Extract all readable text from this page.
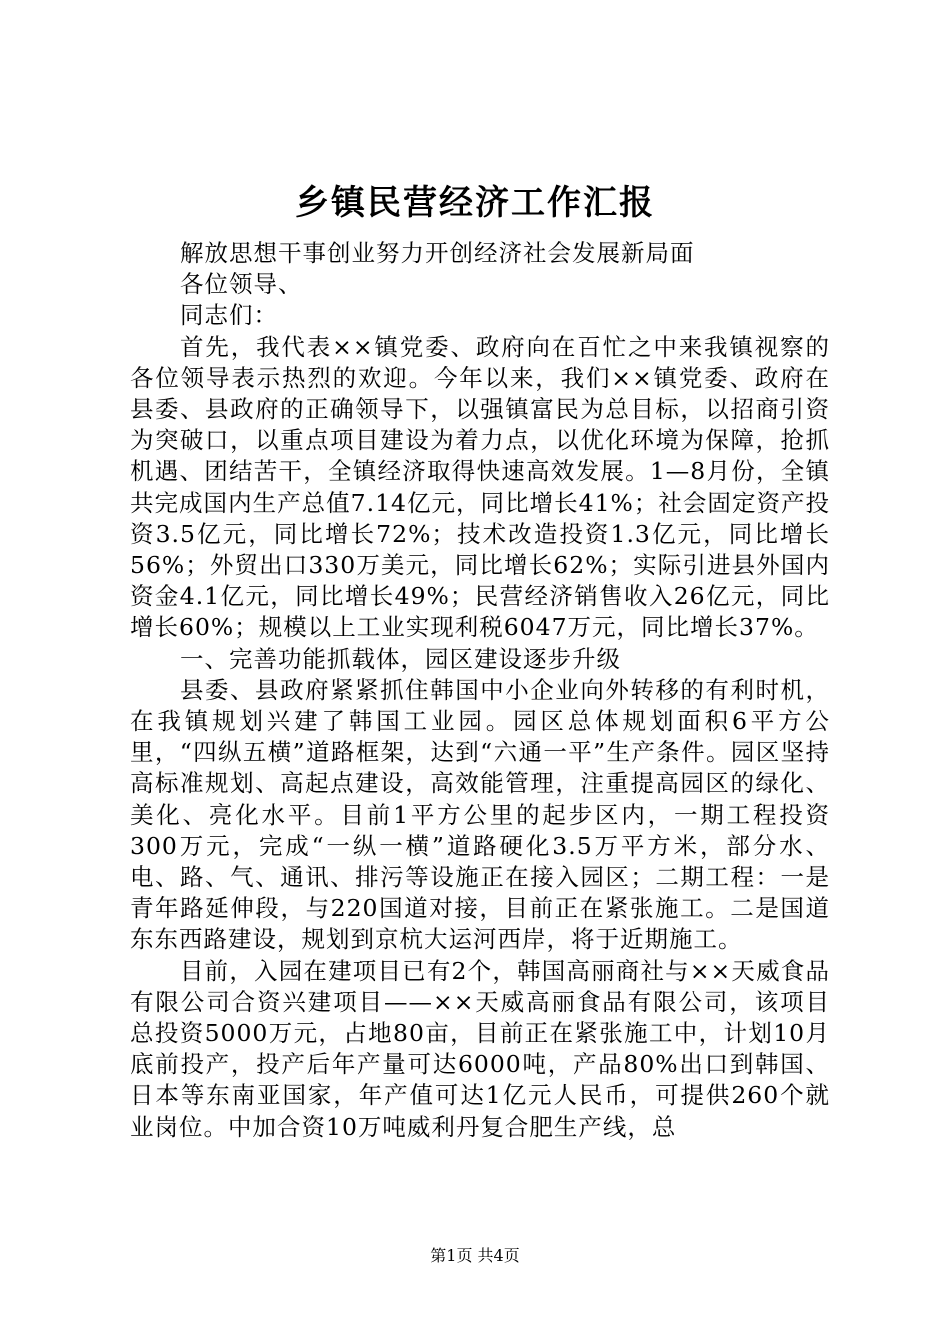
乡镇民营经济工作汇报

解放思想干事创业努力开创经济社会发展新局面

各位领导、

同志们：

首先，我代表××镇党委、政府向在百忙之中来我镇视察的各位领导表示热烈的欢迎。今年以来，我们××镇党委、政府在县委、县政府的正确领导下，以强镇富民为总目标，以招商引资为突破口，以重点项目建设为着力点，以优化环境为保障，抢抓机遇、团结苦干，全镇经济取得快速高效发展。1—8月份，全镇共完成国内生产总值7.14亿元，同比增长41%；社会固定资产投资3.5亿元，同比增长72%；技术改造投资1.3亿元，同比增长56%；外贸出口330万美元，同比增长62%；实际引进县外国内资金4.1亿元，同比增长49%；民营经济销售收入26亿元，同比增长60%；规模以上工业实现利税6047万元，同比增长37%。

一、完善功能抓载体，园区建设逐步升级

县委、县政府紧紧抓住韩国中小企业向外转移的有利时机，在我镇规划兴建了韩国工业园。园区总体规划面积6平方公里，“四纵五横”道路框架，达到“六通一平”生产条件。园区坚持高标准规划、高起点建设，高效能管理，注重提高园区的绿化、美化、亮化水平。目前1平方公里的起步区内，一期工程投资300万元，完成“一纵一横”道路硬化3.5万平方米，部分水、电、路、气、通讯、排污等设施正在接入园区；二期工程：一是青年路延伸段，与220国道对接，目前正在紧张施工。二是国道东东西路建设，规划到京杭大运河西岸，将于近期施工。

目前，入园在建项目已有2个，韩国高丽商社与××天威食品有限公司合资兴建项目——××天威高丽食品有限公司，该项目总投资5000万元，占地80亩，目前正在紧张施工中，计划10月底前投产，投产后年产量可达6000吨，产品80%出口到韩国、日本等东南亚国家，年产值可达1亿元人民币，可提供260个就业岗位。中加合资10万吨威利丹复合肥生产线，总

第1页 共4页
